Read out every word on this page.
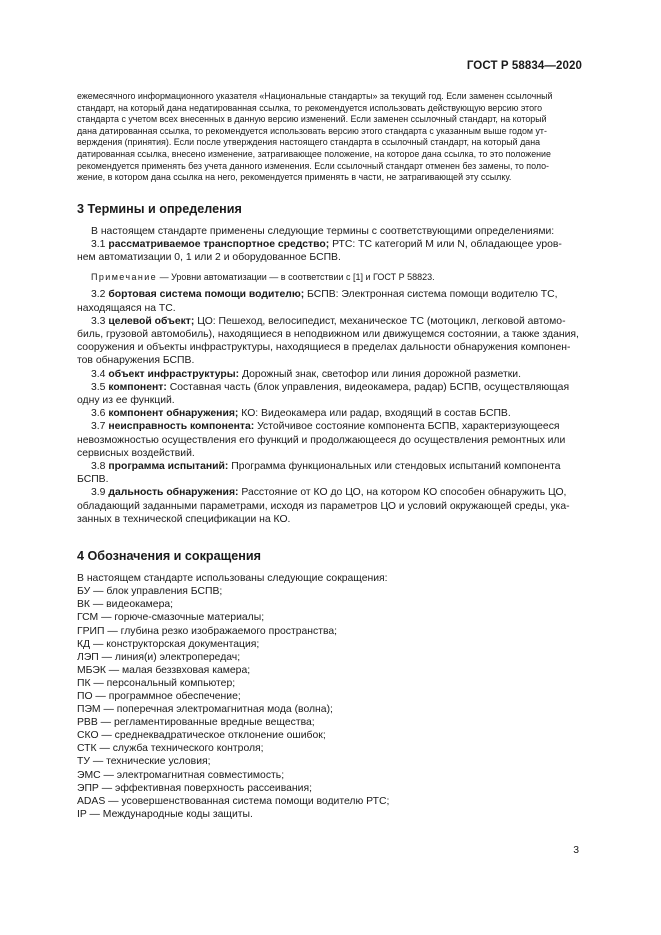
ГОСТ Р 58834—2020

ежемесячного информационного указателя «Национальные стандарты» за текущий год. Если заменен ссылочный

стандарт, на который дана недатированная ссылка, то рекомендуется использовать действующую версию этого

стандарта с учетом всех внесенных в данную версию изменений. Если заменен ссылочный стандарт, на который

дана датированная ссылка, то рекомендуется использовать версию этого стандарта с указанным выше годом ут-

верждения (принятия). Если после утверждения настоящего стандарта в ссылочный стандарт, на который дана

датированная ссылка, внесено изменение, затрагивающее положение, на которое дана ссылка, то это положение

рекомендуется применять без учета данного изменения. Если ссылочный стандарт отменен без замены, то поло-

жение, в котором дана ссылка на него, рекомендуется применять в части, не затрагивающей эту ссылку.

3 Термины и определения

В настоящем стандарте применены следующие термины с соответствующими определениями:

3.1 рассматриваемое транспортное средство; РТС: ТС категорий M или N, обладающее уров-

нем автоматизации 0, 1 или 2 и оборудованное БСПВ.

Примечание — Уровни автоматизации — в соответствии с [1] и ГОСТ Р 58823.

3.2 бортовая система помощи водителю; БСПВ: Электронная система помощи водителю ТС,

находящаяся на ТС.

3.3 целевой объект; ЦО: Пешеход, велосипедист, механическое ТС (мотоцикл, легковой автомо-

биль, грузовой автомобиль), находящиеся в неподвижном или движущемся состоянии, а также здания,

сооружения и объекты инфраструктуры, находящиеся в пределах дальности обнаружения компонен-

тов обнаружения БСПВ.

3.4 объект инфраструктуры: Дорожный знак, светофор или линия дорожной разметки.

3.5 компонент: Составная часть (блок управления, видеокамера, радар) БСПВ, осуществляющая

одну из ее функций.

3.6 компонент обнаружения; КО: Видеокамера или радар, входящий в состав БСПВ.

3.7 неисправность компонента: Устойчивое состояние компонента БСПВ, характеризующееся

невозможностью осуществления его функций и продолжающееся до осуществления ремонтных или

сервисных воздействий.

3.8 программа испытаний: Программа функциональных или стендовых испытаний компонента

БСПВ.

3.9 дальность обнаружения: Расстояние от КО до ЦО, на котором КО способен обнаружить ЦО,

обладающий заданными параметрами, исходя из параметров ЦО и условий окружающей среды, ука-

занных в технической спецификации на КО.

4 Обозначения и сокращения

В настоящем стандарте использованы следующие сокращения:

БУ — блок управления БСПВ;

ВК — видеокамера;

ГСМ — горюче-смазочные материалы;

ГРИП — глубина резко изображаемого пространства;

КД — конструкторская документация;

ЛЭП — линия(и) электропередач;

МБЭК — малая беззвховая камера;

ПК — персональный компьютер;

ПО — программное обеспечение;

ПЭМ — поперечная электромагнитная мода (волна);

РВВ — регламентированные вредные вещества;

СКО — среднеквадратическое отклонение ошибок;

СТК — служба технического контроля;

ТУ — технические условия;

ЭМС — электромагнитная совместимость;

ЭПР — эффективная поверхность рассеивания;

ADAS — усовершенствованная система помощи водителю РТС;

IP — Международные коды защиты.

3
